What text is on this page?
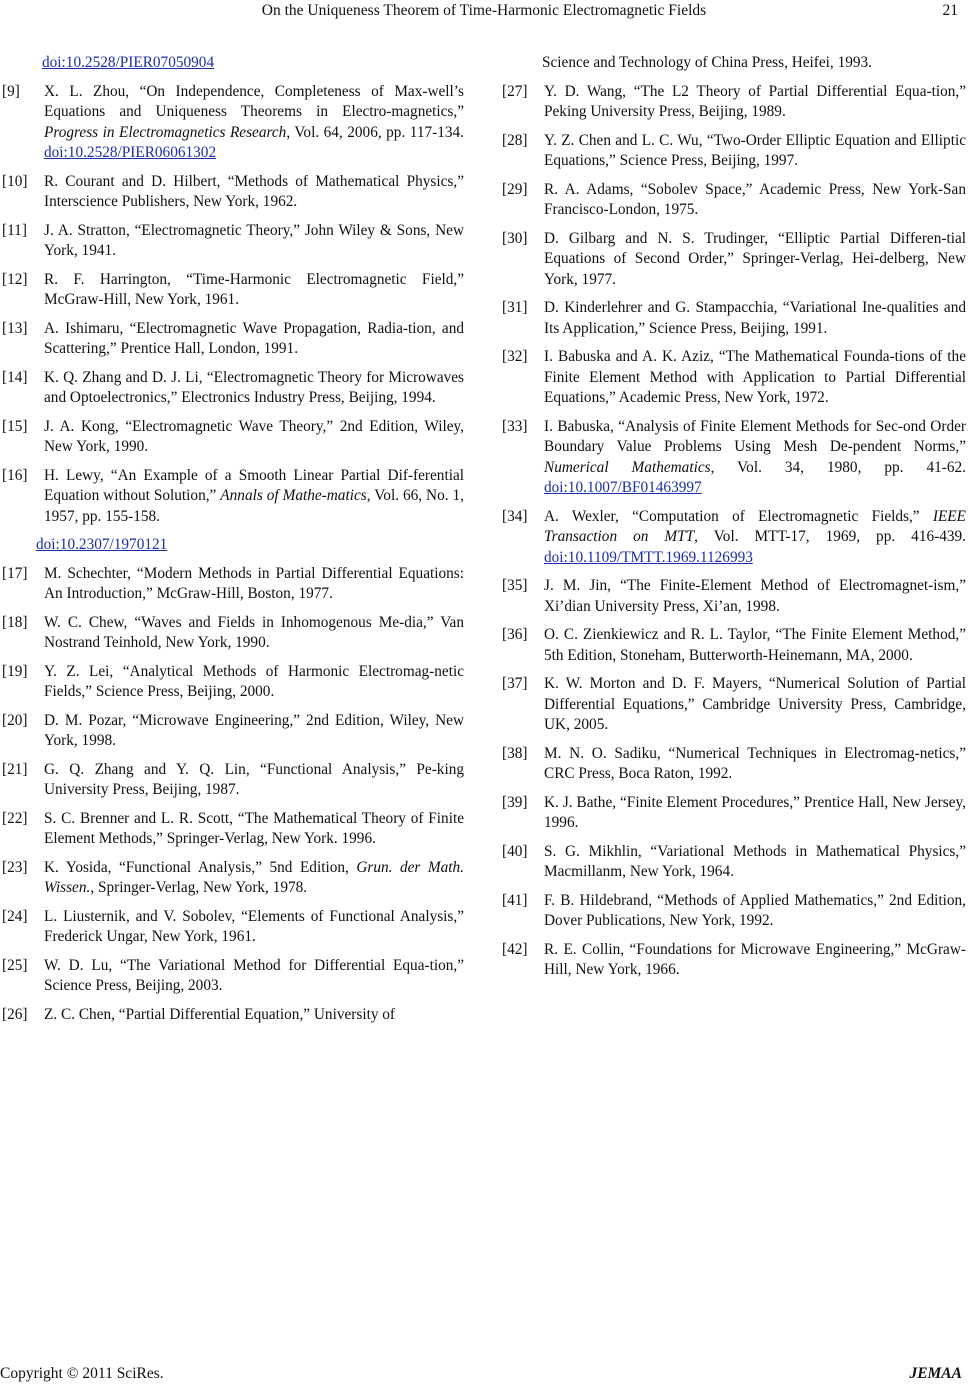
On the Uniqueness Theorem of Time-Harmonic Electromagnetic Fields	21
doi:10.2528/PIER07050904
[9] X. L. Zhou, “On Independence, Completeness of Max-well’s Equations and Uniqueness Theorems in Electro-magnetics,” Progress in Electromagnetics Research, Vol. 64, 2006, pp. 117-134. doi:10.2528/PIER06061302
[10] R. Courant and D. Hilbert, “Methods of Mathematical Physics,” Interscience Publishers, New York, 1962.
[11] J. A. Stratton, “Electromagnetic Theory,” John Wiley & Sons, New York, 1941.
[12] R. F. Harrington, “Time-Harmonic Electromagnetic Field,” McGraw-Hill, New York, 1961.
[13] A. Ishimaru, “Electromagnetic Wave Propagation, Radia-tion, and Scattering,” Prentice Hall, London, 1991.
[14] K. Q. Zhang and D. J. Li, “Electromagnetic Theory for Microwaves and Optoelectronics,” Electronics Industry Press, Beijing, 1994.
[15] J. A. Kong, “Electromagnetic Wave Theory,” 2nd Edition, Wiley, New York, 1990.
[16] H. Lewy, “An Example of a Smooth Linear Partial Dif-ferential Equation without Solution,” Annals of Mathe-matics, Vol. 66, No. 1, 1957, pp. 155-158.
doi:10.2307/1970121
[17] M. Schechter, “Modern Methods in Partial Differential Equations: An Introduction,” McGraw-Hill, Boston, 1977.
[18] W. C. Chew, “Waves and Fields in Inhomogenous Me-dia,” Van Nostrand Teinhold, New York, 1990.
[19] Y. Z. Lei, “Analytical Methods of Harmonic Electromag-netic Fields,” Science Press, Beijing, 2000.
[20] D. M. Pozar, “Microwave Engineering,” 2nd Edition, Wiley, New York, 1998.
[21] G. Q. Zhang and Y. Q. Lin, “Functional Analysis,” Pe-king University Press, Beijing, 1987.
[22] S. C. Brenner and L. R. Scott, “The Mathematical Theory of Finite Element Methods,” Springer-Verlag, New York. 1996.
[23] K. Yosida, “Functional Analysis,” 5nd Edition, Grun. der Math. Wissen., Springer-Verlag, New York, 1978.
[24] L. Liusternik, and V. Sobolev, “Elements of Functional Analysis,” Frederick Ungar, New York, 1961.
[25] W. D. Lu, “The Variational Method for Differential Equa-tion,” Science Press, Beijing, 2003.
[26] Z. C. Chen, “Partial Differential Equation,” University of
Science and Technology of China Press, Heifei, 1993.
[27] Y. D. Wang, “The L2 Theory of Partial Differential Equa-tion,” Peking University Press, Beijing, 1989.
[28] Y. Z. Chen and L. C. Wu, “Two-Order Elliptic Equation and Elliptic Equations,” Science Press, Beijing, 1997.
[29] R. A. Adams, “Sobolev Space,” Academic Press, New York-San Francisco-London, 1975.
[30] D. Gilbarg and N. S. Trudinger, “Elliptic Partial Differen-tial Equations of Second Order,” Springer-Verlag, Hei-delberg, New York, 1977.
[31] D. Kinderlehrer and G. Stampacchia, “Variational Ine-qualities and Its Application,” Science Press, Beijing, 1991.
[32] I. Babuska and A. K. Aziz, “The Mathematical Founda-tions of the Finite Element Method with Application to Partial Differential Equations,” Academic Press, New York, 1972.
[33] I. Babuska, “Analysis of Finite Element Methods for Sec-ond Order Boundary Value Problems Using Mesh De-pendent Norms,” Numerical Mathematics, Vol. 34, 1980, pp. 41-62. doi:10.1007/BF01463997
[34] A. Wexler, “Computation of Electromagnetic Fields,” IEEE Transaction on MTT, Vol. MTT-17, 1969, pp. 416-439. doi:10.1109/TMTT.1969.1126993
[35] J. M. Jin, “The Finite-Element Method of Electromagnet-ism,” Xi’dian University Press, Xi’an, 1998.
[36] O. C. Zienkiewicz and R. L. Taylor, “The Finite Element Method,” 5th Edition, Stoneham, Butterworth-Heinemann, MA, 2000.
[37] K. W. Morton and D. F. Mayers, “Numerical Solution of Partial Differential Equations,” Cambridge University Press, Cambridge, UK, 2005.
[38] M. N. O. Sadiku, “Numerical Techniques in Electromag-netics,” CRC Press, Boca Raton, 1992.
[39] K. J. Bathe, “Finite Element Procedures,” Prentice Hall, New Jersey, 1996.
[40] S. G. Mikhlin, “Variational Methods in Mathematical Physics,” Macmillanm, New York, 1964.
[41] F. B. Hildebrand, “Methods of Applied Mathematics,” 2nd Edition, Dover Publications, New York, 1992.
[42] R. E. Collin, “Foundations for Microwave Engineering,” McGraw-Hill, New York, 1966.
Copyright © 2011 SciRes.	JEMAA
